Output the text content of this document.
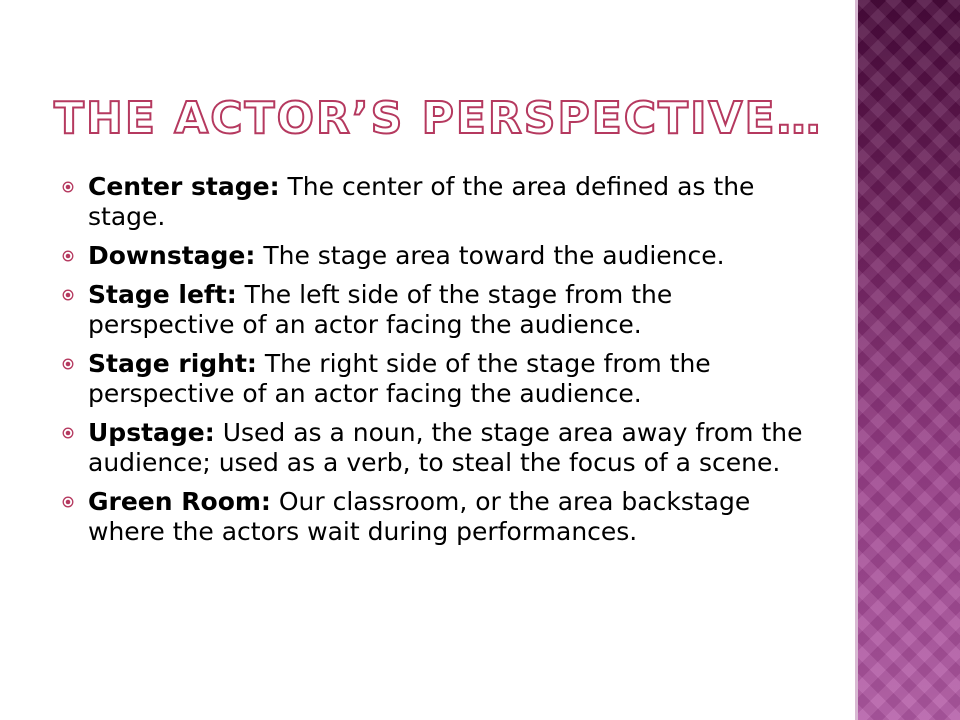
THE ACTOR’S PERSPECTIVE…
Center stage: The center of the area defined as the stage.
Downstage: The stage area toward the audience.
Stage left: The left side of the stage from the perspective of an actor facing the audience.
Stage right: The right side of the stage from the perspective of an actor facing the audience.
Upstage: Used as a noun, the stage area away from the audience; used as a verb, to steal the focus of a scene.
Green Room: Our classroom, or the area backstage where the actors wait during performances.
